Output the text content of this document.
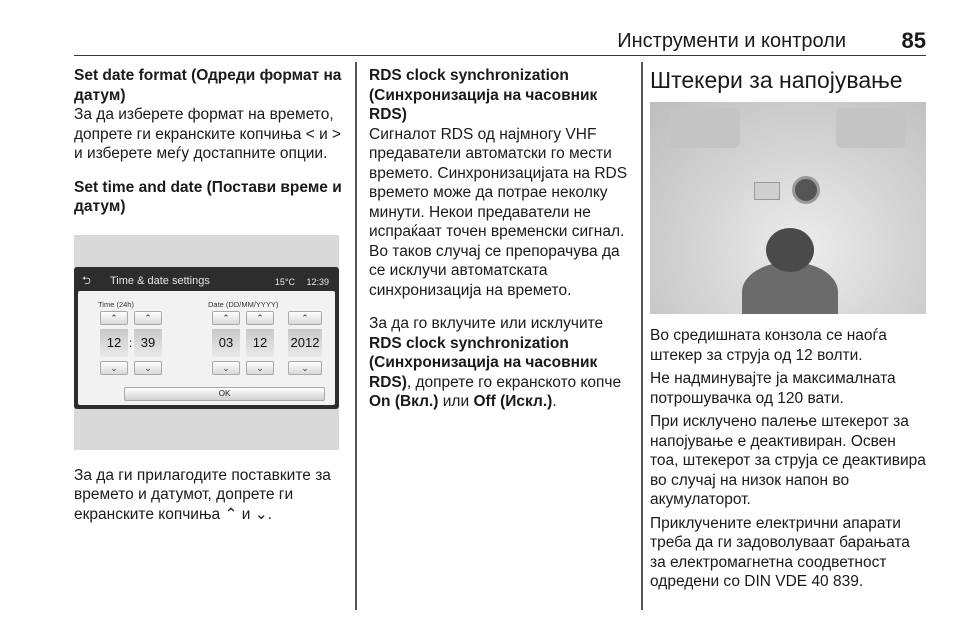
Инструменти и контроли	85
Set date format (Одреди формат на датум)
За да изберете формат на времето, допрете ги екранските копчиња < и > и изберете меѓу достапните опции.
Set time and date (Постави време и датум)
⮌ Time & date settings	15°C 12:39
Time (24h)	Date (DD/MM/YYYY)
⌃	⌃
12 : 39
⌄	⌄
⌃	⌃	⌃
03	12	2012
⌄	⌄	⌄
OK
За да ги прилагодите поставките за времето и датумот, допрете ги екранските копчиња ⌃ и ⌄.
RDS clock synchronization (Синхронизација на часовник RDS)
Сигналот RDS од најмногу VHF предаватели автоматски го мести времето. Синхронизацијата на RDS времето може да потрае неколку минути. Некои предаватели не испраќаат точен временски сигнал. Во таков случај се препорачува да се исклучи автоматската синхронизација на времето.
За да го вклучите или исклучите RDS clock synchronization (Синхронизација на часовник RDS), допрете го екранското копче On (Вкл.) или Off (Искл.).
Штекери за напојување
Во средишната конзола се наоѓа штекер за струја од 12 волти.
Не надминувајте ја максималната потрошувачка од 120 вати.
При исклучено палење штекерот за напојување е деактивиран. Освен тоа, штекерот за струја се деактивира во случај на низок напон во акумулаторот.
Приклучените електрични апарати треба да ги задоволуваат барањата за електромагнетна соодветност одредени со DIN VDE 40 839.
